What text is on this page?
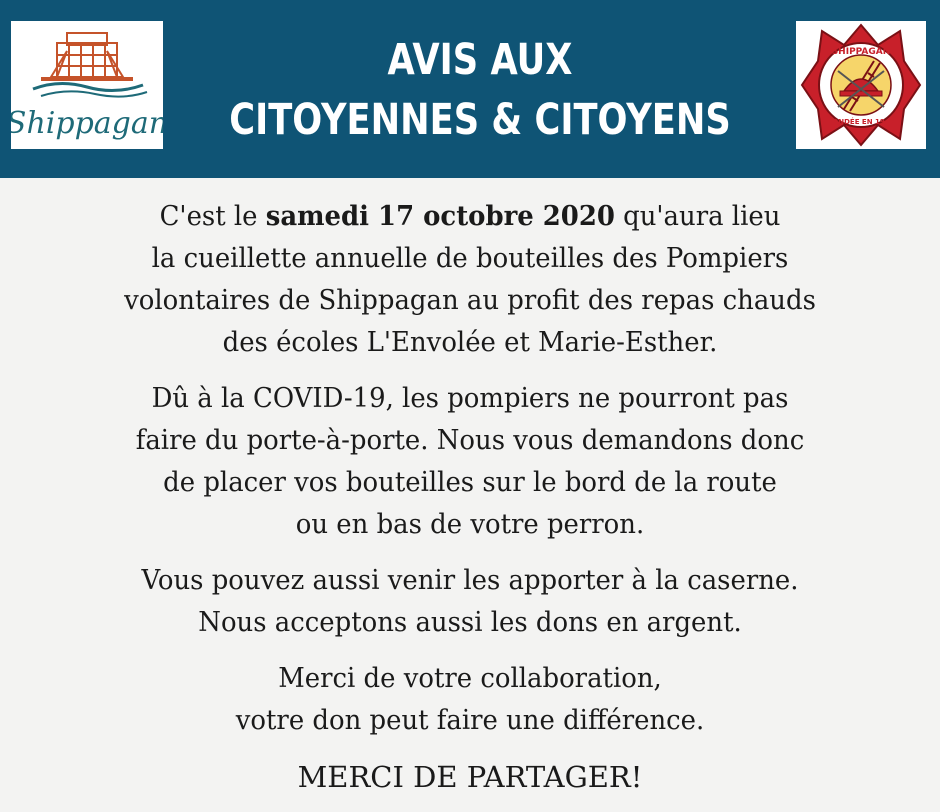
Shippagan
AVIS AUX
CITOYENNES & CITOYENS
SHIPPAGAN
FONDÉE EN 1947
C'est le samedi 17 octobre 2020 qu'aura lieu
la cueillette annuelle de bouteilles des Pompiers
volontaires de Shippagan au profit des repas chauds
des écoles L'Envolée et Marie-Esther.
Dû à la COVID-19, les pompiers ne pourront pas
faire du porte-à-porte. Nous vous demandons donc
de placer vos bouteilles sur le bord de la route
ou en bas de votre perron.
Vous pouvez aussi venir les apporter à la caserne.
Nous acceptons aussi les dons en argent.
Merci de votre collaboration,
votre don peut faire une différence.
MERCI DE PARTAGER!
